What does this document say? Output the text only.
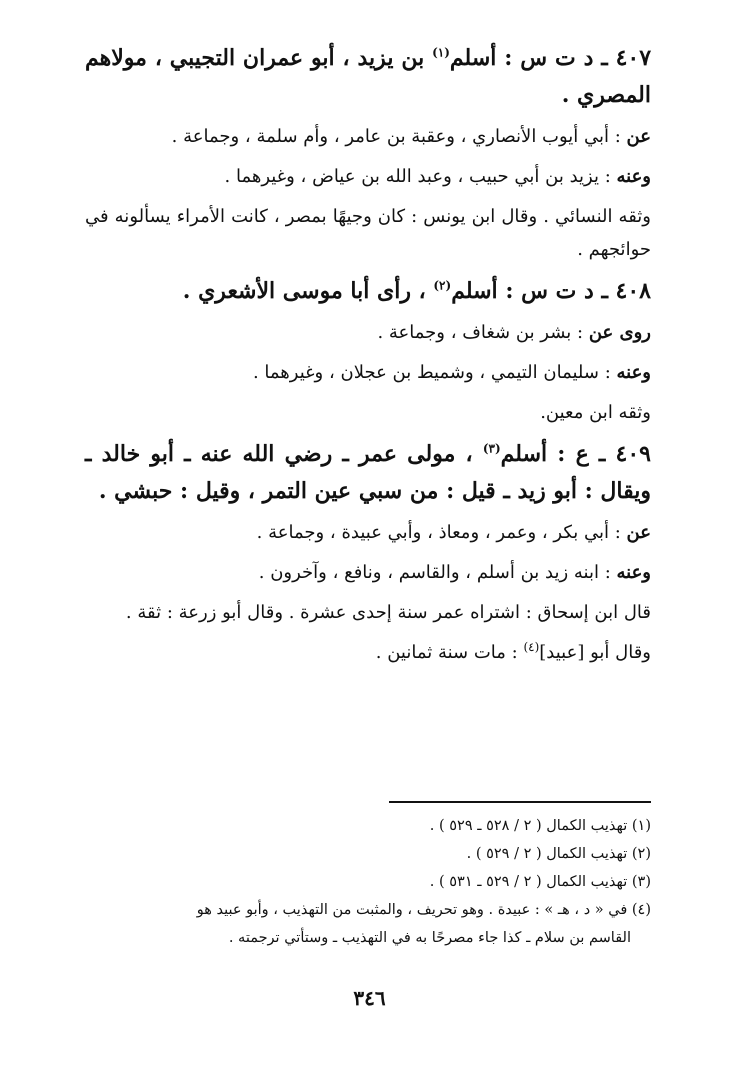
٤٠٧ ـ د ت س : أسلم$^{(١)}$ بن يزيد ، أبو عمران التجيبي ، مولاهم المصري .

عن : أبي أيوب الأنصاري ، وعقبة بن عامر ، وأم سلمة ، وجماعة .

وعنه : يزيد بن أبي حبيب ، وعبد الله بن عياض ، وغيرهما .

وثقه النسائي . وقال ابن يونس : كان وجيهًا بمصر ، كانت الأمراء يسألونه في حوائجهم .

٤٠٨ ـ د ت س : أسلم$^{(٢)}$ ، رأى أبا موسى الأشعري .

روى عن : بشر بن شغاف ، وجماعة .

وعنه : سليمان التيمي ، وشميط بن عجلان ، وغيرهما .

وثقه ابن معين.

٤٠٩ ـ ع : أسلم$^{(٣)}$ ، مولى عمر ـ رضي الله عنه ـ أبو خالد ـ ويقال : أبو زيد ـ قيل : من سبي عين التمر ، وقيل : حبشي .

عن : أبي بكر ، وعمر ، ومعاذ ، وأبي عبيدة ، وجماعة .

وعنه : ابنه زيد بن أسلم ، والقاسم ، ونافع ، وآخرون .

قال ابن إسحاق : اشتراه عمر سنة إحدى عشرة . وقال أبو زرعة : ثقة .

وقال أبو [عبيد]$^{(٤)}$ : مات سنة ثمانين .

(١) تهذيب الكمال ( ٢ / ٥٢٨ ـ ٥٢٩ ) .

(٢) تهذيب الكمال ( ٢ / ٥٢٩ ) .

(٣) تهذيب الكمال ( ٢ / ٥٢٩ ـ ٥٣١ ) .

(٤) في « د ، هـ » : عبيدة . وهو تحريف ، والمثبت من التهذيب ، وأبو عبيد هو
القاسم بن سلام ـ كذا جاء مصرحًا به في التهذيب ـ وستأتي ترجمته .

٣٤٦
